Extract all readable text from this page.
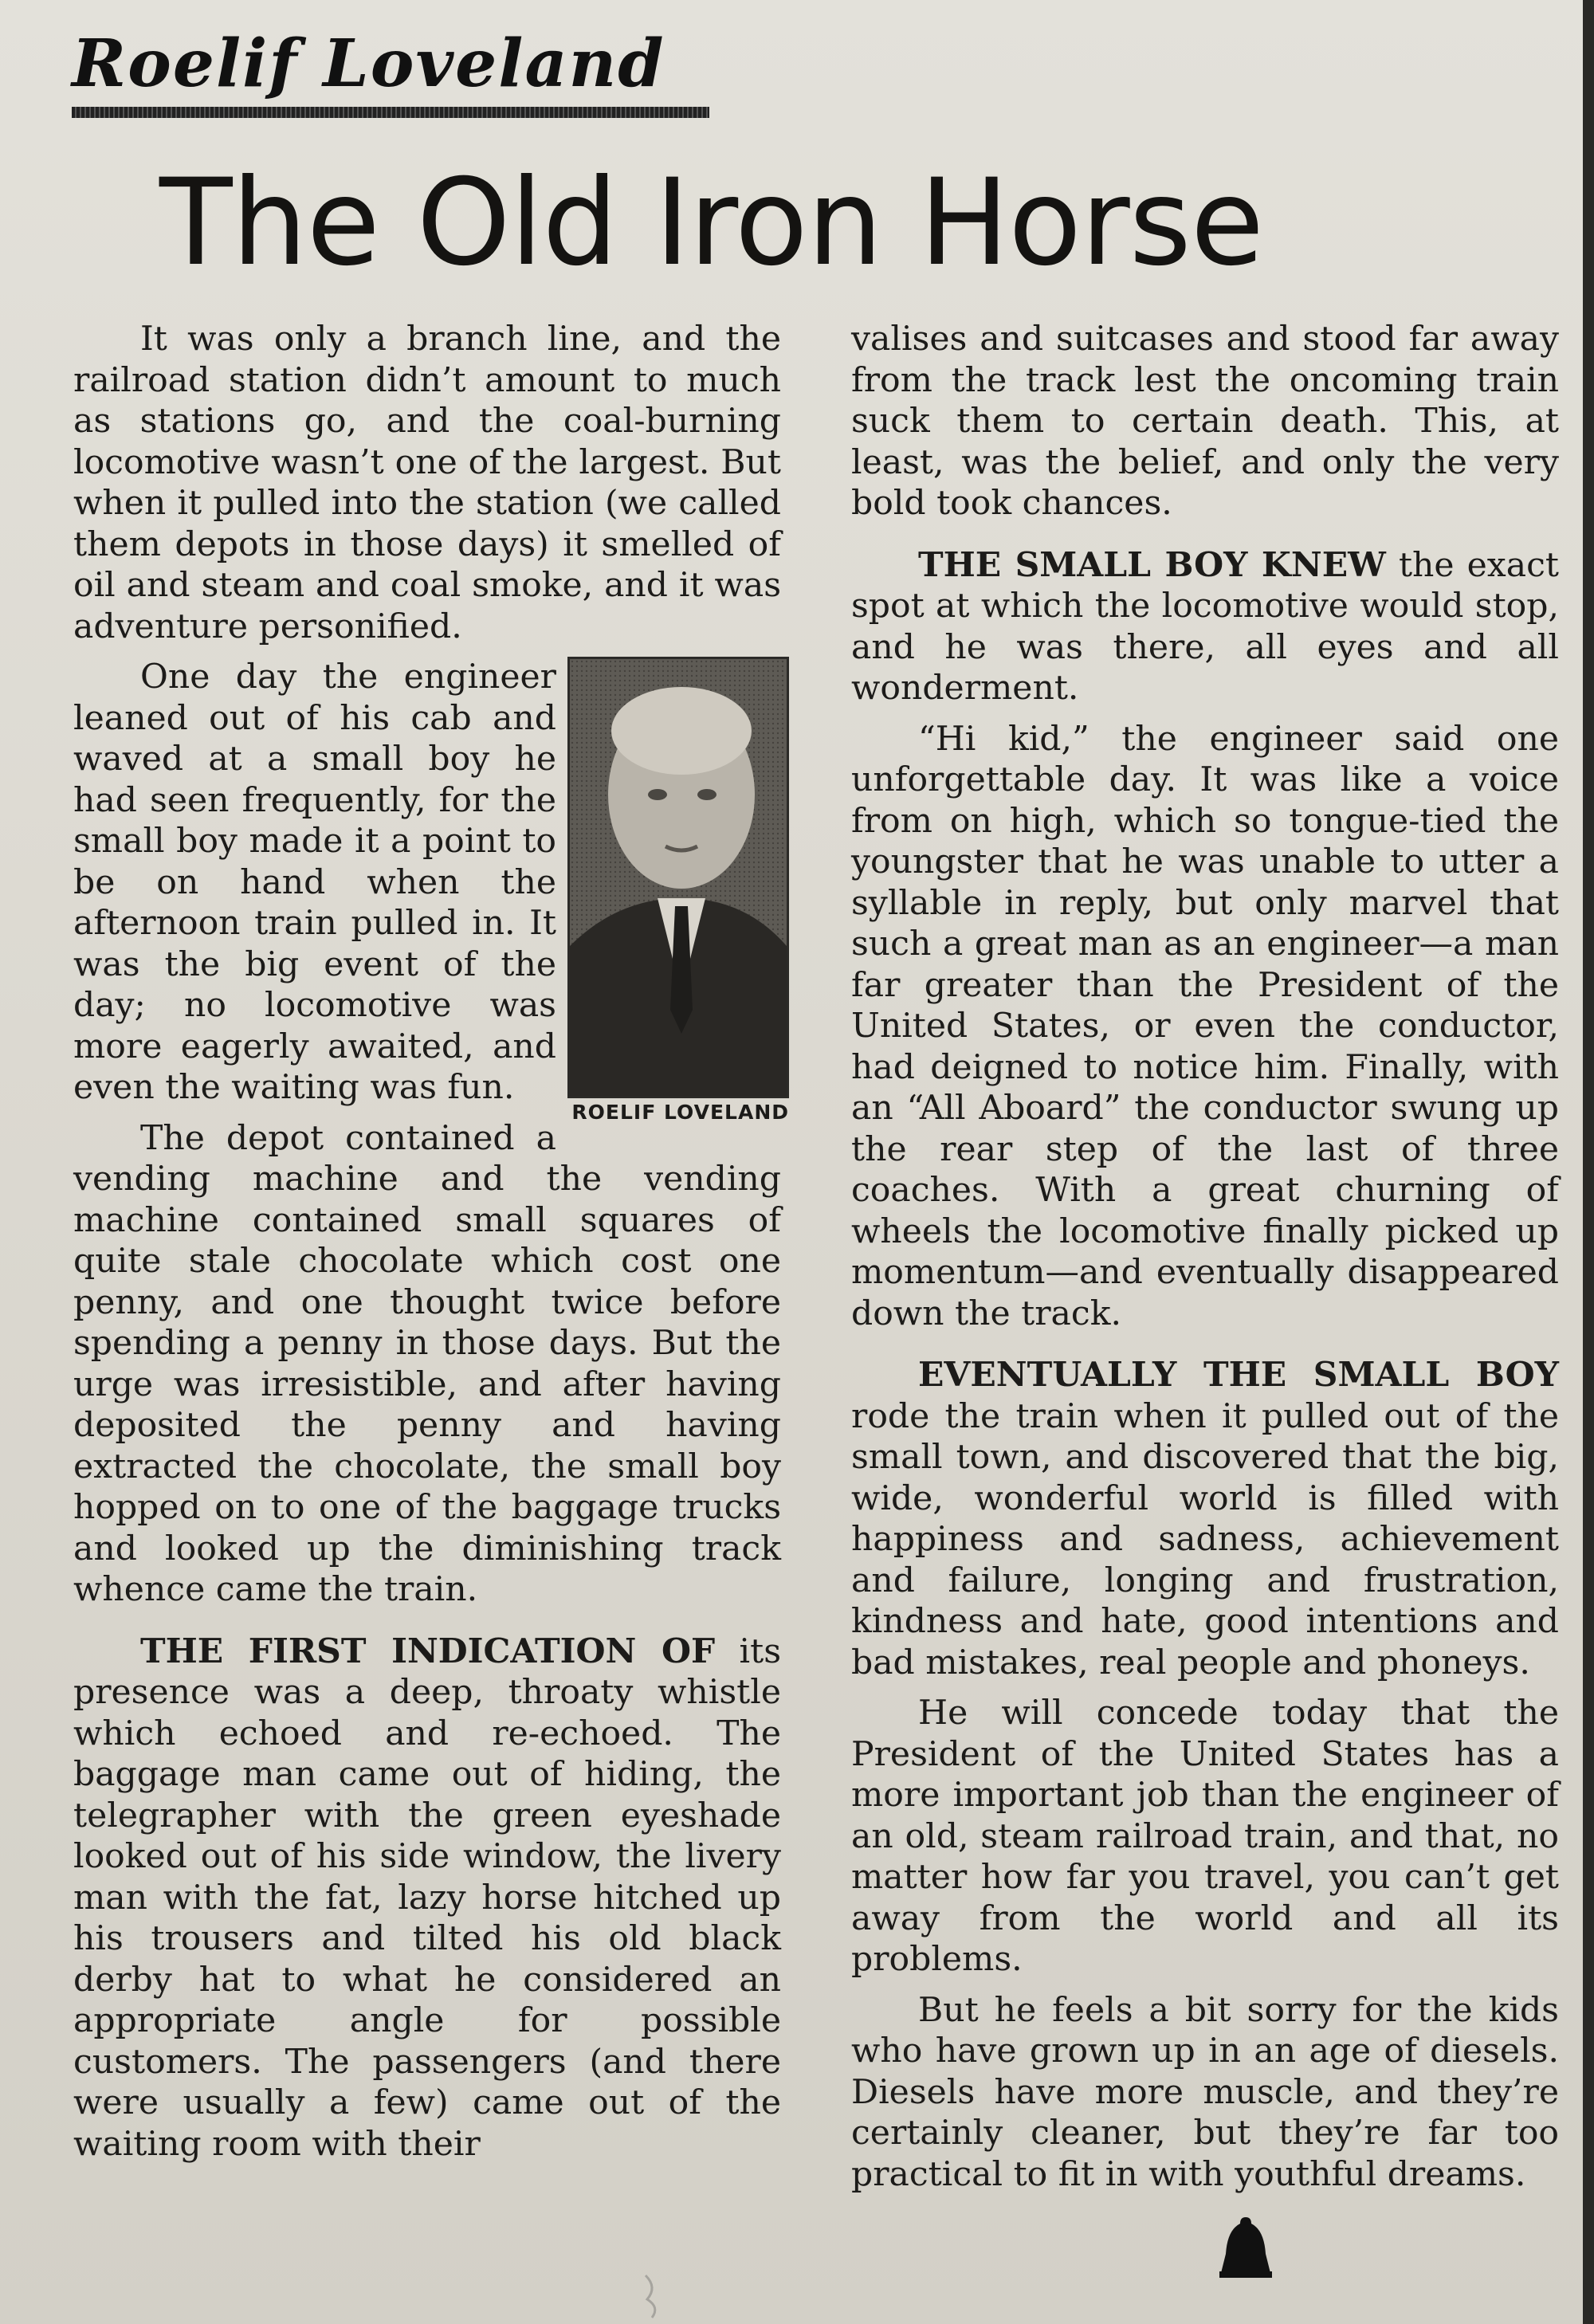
Roelif Loveland
The Old Iron Horse

It was only a branch line, and the railroad station didn’t amount to much as stations go, and the coal-burning locomotive wasn’t one of the largest. But when it pulled into the station (we called them depots in those days) it smelled of oil and steam and coal smoke, and it was adventure personified.

ROELIF LOVELAND

One day the engineer leaned out of his cab and waved at a small boy he had seen frequently, for the small boy made it a point to be on hand when the afternoon train pulled in. It was the big event of the day; no locomotive was more eagerly awaited, and even the waiting was fun.

The depot contained a vending machine and the vending machine contained small squares of quite stale chocolate which cost one penny, and one thought twice before spending a penny in those days. But the urge was irresistible, and after having deposited the penny and having extracted the chocolate, the small boy hopped on to one of the baggage trucks and looked up the diminishing track whence came the train.

THE FIRST INDICATION OF its presence was a deep, throaty whistle which echoed and re-echoed. The baggage man came out of hiding, the telegrapher with the green eyeshade looked out of his side window, the livery man with the fat, lazy horse hitched up his trousers and tilted his old black derby hat to what he considered an appropriate angle for possible customers. The passengers (and there were usually a few) came out of the waiting room with their

valises and suitcases and stood far away from the track lest the oncoming train suck them to certain death. This, at least, was the belief, and only the very bold took chances.

THE SMALL BOY KNEW the exact spot at which the locomotive would stop, and he was there, all eyes and all wonderment.

“Hi kid,” the engineer said one unforgettable day. It was like a voice from on high, which so tongue-tied the youngster that he was unable to utter a syllable in reply, but only marvel that such a great man as an engineer—a man far greater than the President of the United States, or even the conductor, had deigned to notice him. Finally, with an “All Aboard” the conductor swung up the rear step of the last of three coaches. With a great churning of wheels the locomotive finally picked up momentum—and eventually disappeared down the track.

EVENTUALLY THE SMALL BOY rode the train when it pulled out of the small town, and discovered that the big, wide, wonderful world is filled with happiness and sadness, achievement and failure, longing and frustration, kindness and hate, good intentions and bad mistakes, real people and phoneys.

He will concede today that the President of the United States has a more important job than the engineer of an old, steam railroad train, and that, no matter how far you travel, you can’t get away from the world and all its problems.

But he feels a bit sorry for the kids who have grown up in an age of diesels. Diesels have more muscle, and they’re certainly cleaner, but they’re far too practical to fit in with youthful dreams.
